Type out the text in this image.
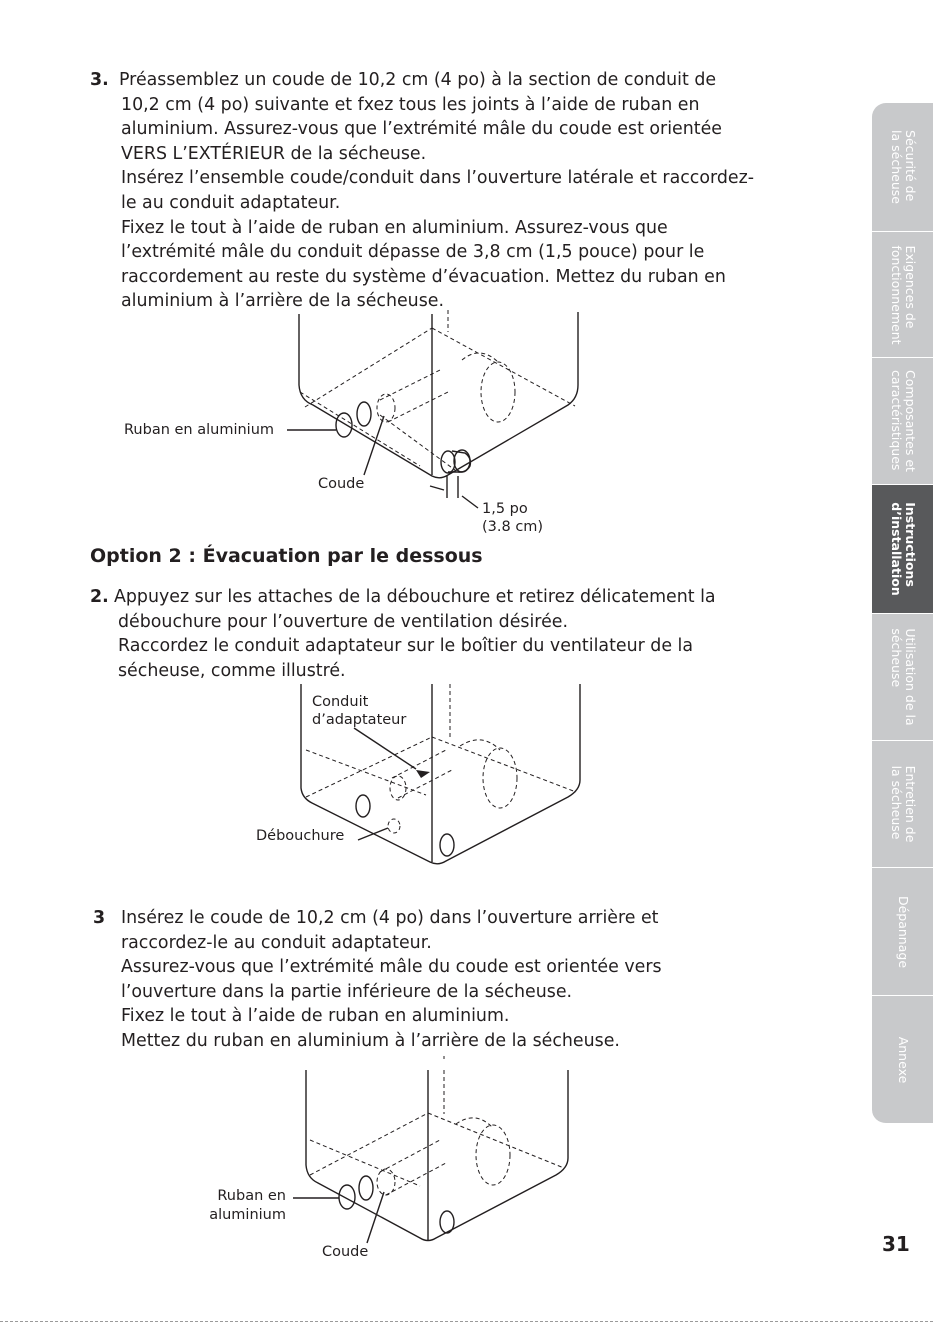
3. Préassemblez un coude de 10,2 cm (4 po) à la section de conduit de
10,2 cm (4 po) suivante et fxez tous les joints à l’aide de ruban en
aluminium. Assurez-vous que l’extrémité mâle du coude est orientée
VERS L’EXTÉRIEUR de la sécheuse.
Insérez l’ensemble coude/conduit dans l’ouverture latérale et raccordez-
le au conduit adaptateur.
Fixez le tout à l’aide de ruban en aluminium. Assurez-vous que
l’extrémité mâle du conduit dépasse de 3,8 cm (1,5 pouce) pour le
raccordement au reste du système d’évacuation. Mettez du ruban en
aluminium à l’arrière de la sécheuse.
Ruban en aluminium
Coude
1,5 po
(3.8 cm)
Option 2 : Évacuation par le dessous
2. Appuyez sur les attaches de la débouchure et retirez délicatement la
débouchure pour l’ouverture de ventilation désirée.
Raccordez le conduit adaptateur sur le boîtier du ventilateur de la
sécheuse, comme illustré.
Conduit
d’adaptateur
Débouchure
3 Insérez le coude de 10,2 cm (4 po) dans l’ouverture arrière et
raccordez-le au conduit adaptateur.
Assurez-vous que l’extrémité mâle du coude est orientée vers
l’ouverture dans la partie inférieure de la sécheuse.
Fixez le tout à l’aide de ruban en aluminium.
Mettez du ruban en aluminium à l’arrière de la sécheuse.
Ruban en
aluminium
Coude
Sécurité de
la sécheuse
Exigences de
fonctionnement
Composantes et
caractéristiques
Instructions
d’installation
Utilisation de la
sécheuse
Entretien de
la sécheuse
Dépannage
Annexe
31
